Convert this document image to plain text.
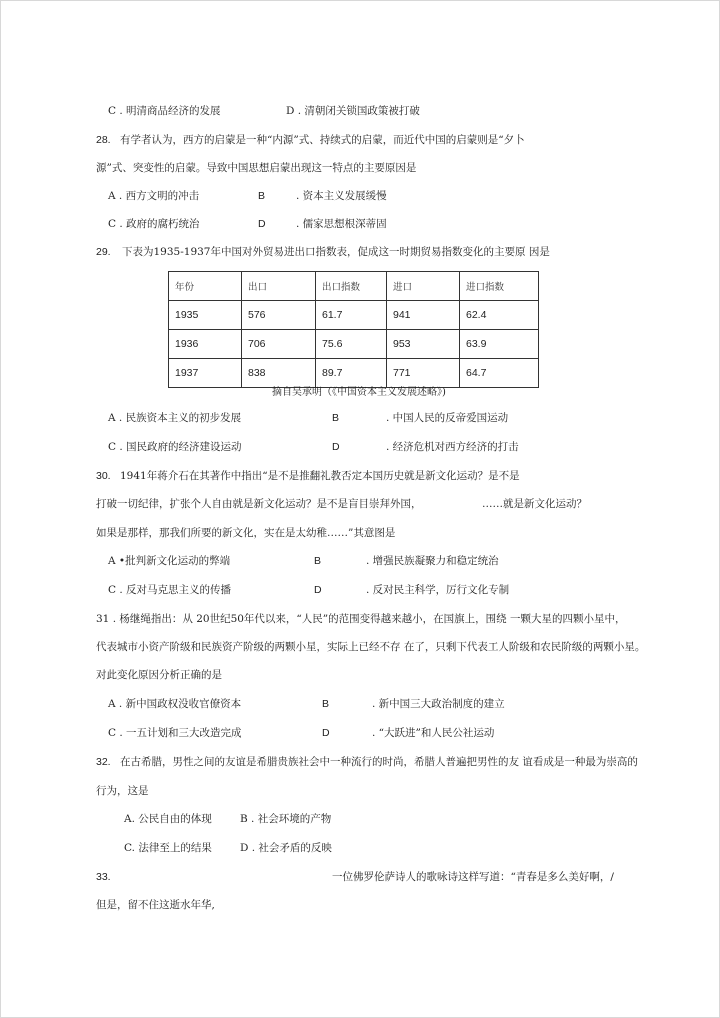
C . 明清商品经济的发展	D . 清朝闭关锁国政策被打破
28. 有学者认为，西方的启蒙是一种“内源”式、持续式的启蒙，而近代中国的启蒙则是“夕卜
源”式、突变性的启蒙。导致中国思想启蒙出现这一特点的主要原因是
A . 西方文明的冲击	B	. 资本主义发展缓慢
C . 政府的腐朽统治	D	. 儒家思想根深蒂固
29. 下表为1935-1937年中国对外贸易进出口指数表，促成这一时期贸易指数变化的主要原 因是
年份	出口	出口指数	进口	进口指数
1935	576	61.7	941	62.4
1936	706	75.6	953	63.9
1937	838	89.7	771	64.7
摘自吴承明（《中国资本主义发展述略》)
A . 民族资本主义的初步发展	B	. 中国人民的反帝爱国运动
C . 国民政府的经济建设运动	D	. 经济危机对西方经济的打击
30. 1941年蒋介石在其著作中指出“是不是推翻礼教否定本国历史就是新文化运动？是不是
打破一切纪律，扩张个人自由就是新文化运动？是不是盲目崇拜外国，	……就是新文化运动？
如果是那样，那我们所要的新文化，实在是太幼稚……”其意图是
A •批判新文化运动的弊端	B	. 增强民族凝聚力和稳定统治
C . 反对马克思主义的传播	D	. 反对民主科学，厉行文化专制
31 . 杨继绳指出：从 20世纪50年代以来，“人民”的范围变得越来越小，在国旗上，围绕 一颗大星的四颗小星中，
代表城市小资产阶级和民族资产阶级的两颗小星，实际上已经不存 在了，只剩下代表工人阶级和农民阶级的两颗小星。
对此变化原因分析正确的是
A . 新中国政权没收官僚资本	B	. 新中国三大政治制度的建立
C . 一五计划和三大改造完成	D	. “大跃进”和人民公社运动
32. 在古希腊，男性之间的友谊是希腊贵族社会中一种流行的时尚，希腊人普遍把男性的友 谊看成是一种最为崇高的
行为，这是
A. 公民自由的体现	B . 社会环境的产物
C. 法律至上的结果	D . 社会矛盾的反映
33.	一位佛罗伦萨诗人的歌咏诗这样写道：“青春是多么美好啊，/
但是，留不住这逝水年华,
